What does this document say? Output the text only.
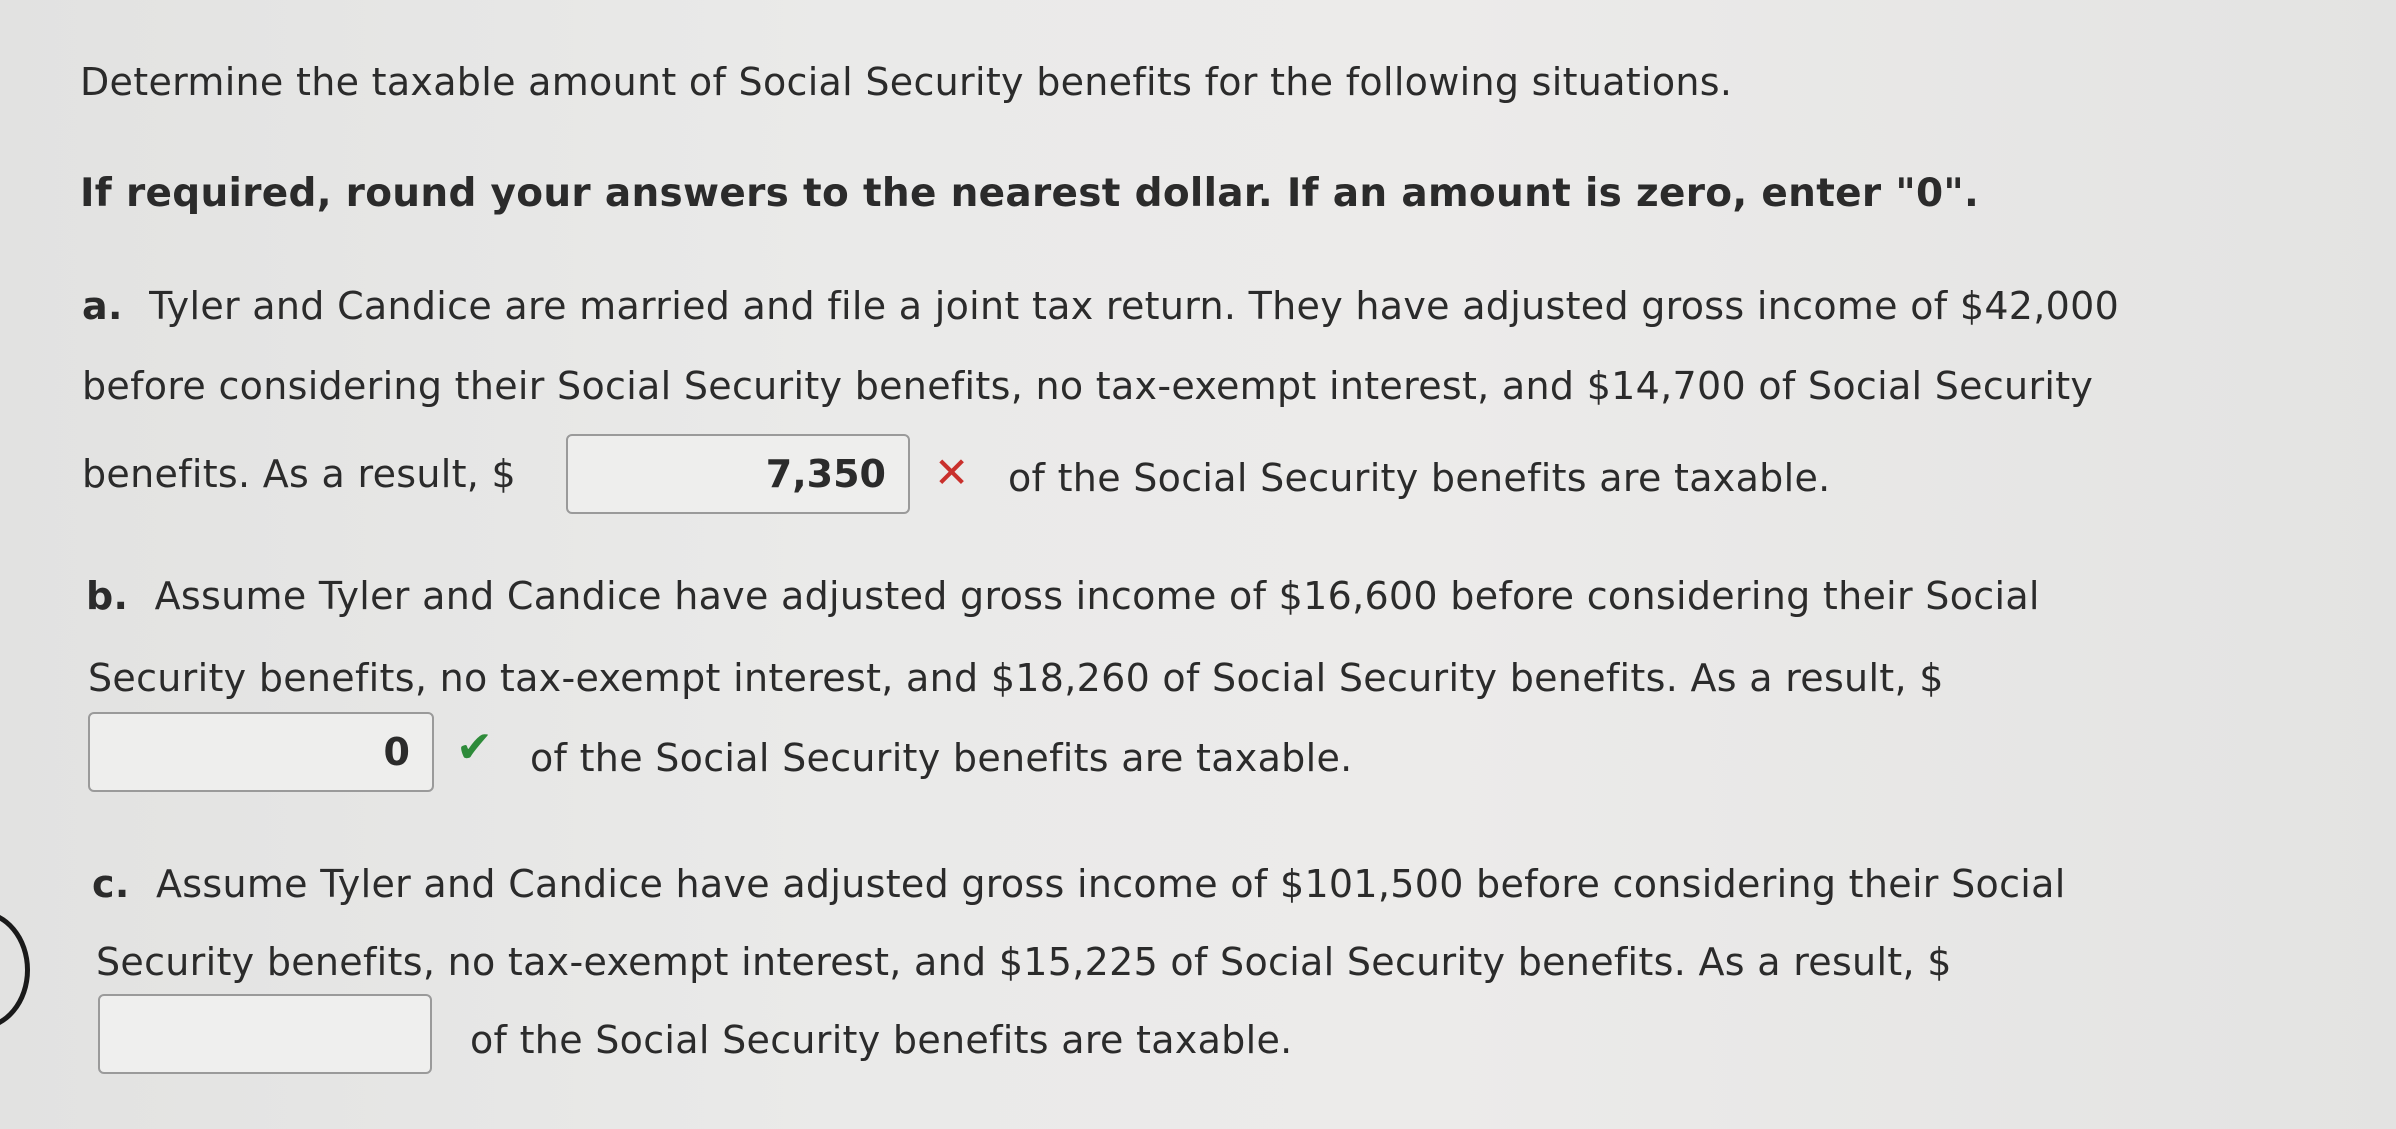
Determine the taxable amount of Social Security benefits for the following situations.
If required, round your answers to the nearest dollar. If an amount is zero, enter "0".
a. Tyler and Candice are married and file a joint tax return. They have adjusted gross income of $42,000
before considering their Social Security benefits, no tax-exempt interest, and $14,700 of Social Security
benefits. As a result, $	7,350	✕ of the Social Security benefits are taxable.
b. Assume Tyler and Candice have adjusted gross income of $16,600 before considering their Social
Security benefits, no tax-exempt interest, and $18,260 of Social Security benefits. As a result, $
0	✔ of the Social Security benefits are taxable.
c. Assume Tyler and Candice have adjusted gross income of $101,500 before considering their Social
Security benefits, no tax-exempt interest, and $15,225 of Social Security benefits. As a result, $
of the Social Security benefits are taxable.
